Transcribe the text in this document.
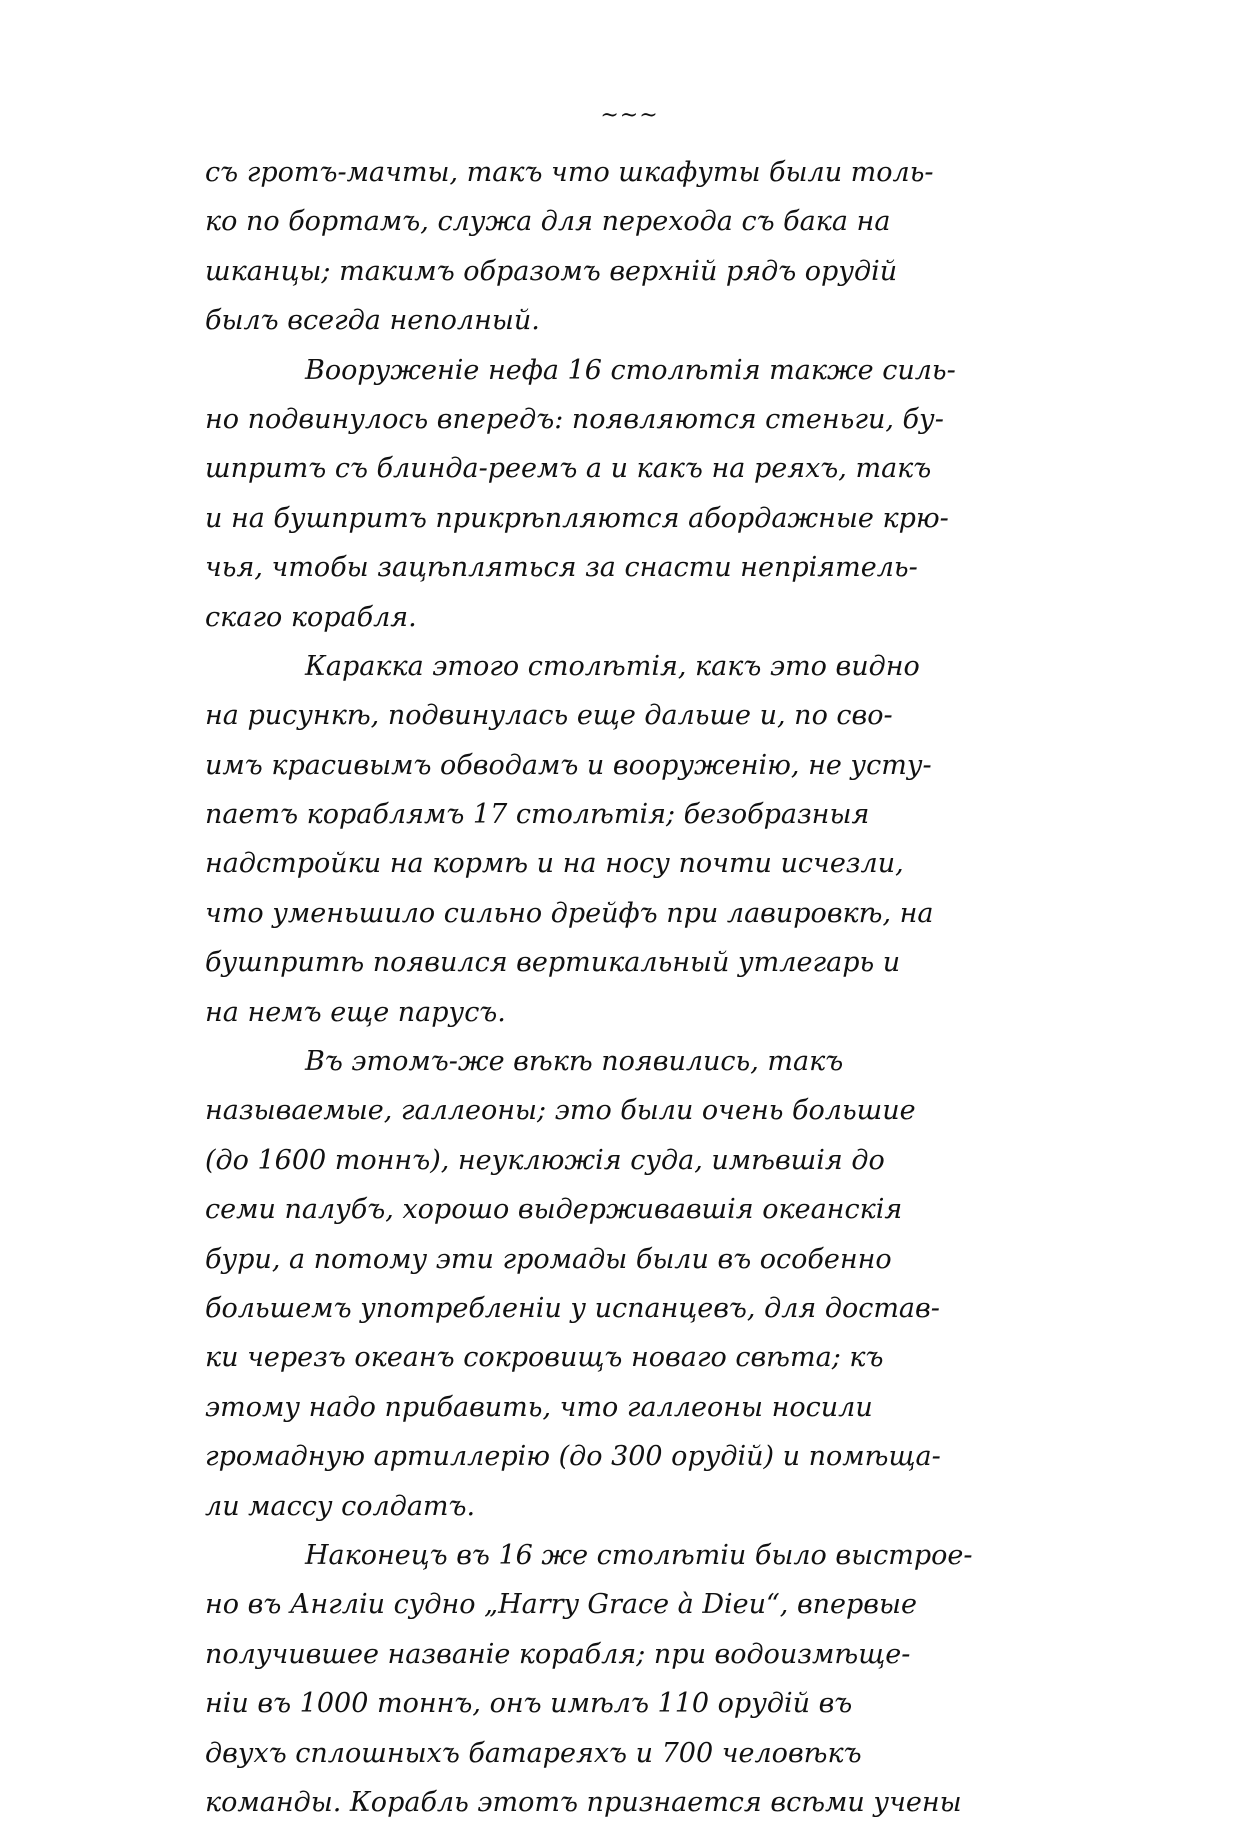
~~~
съ гротъ-мачты, такъ что шкафуты были толь-
ко по бортамъ, служа для перехода съ бака на
шканцы; такимъ образомъ верхній рядъ орудій
былъ всегда неполный.
Вооруженіе нефа 16 столѣтія также силь-
но подвинулось впередъ: появляются стеньги, бу-
шпритъ съ блинда-реемъ а и какъ на реяхъ, такъ
и на бушпритъ прикрѣпляются абордажные крю-
чья, чтобы зацѣпляться за снасти непріятель-
скаго корабля.
Каракка этого столѣтія, какъ это видно
на рисункѣ, подвинулась еще дальше и, по сво-
имъ красивымъ обводамъ и вооруженію, не усту-
паетъ кораблямъ 17 столѣтія; безобразныя
надстройки на кормѣ и на носу почти исчезли,
что уменьшило сильно дрейфъ при лавировкѣ, на
бушпритѣ появился вертикальный утлегарь и
на немъ еще парусъ.
Въ этомъ-же вѣкѣ появились, такъ
называемые, галлеоны; это были очень большие
(до 1600 тоннъ), неуклюжія суда, имѣвшія до
семи палубъ, хорошо выдерживавшія океанскія
бури, а потому эти громады были въ особенно
большемъ употребленіи у испанцевъ, для достав-
ки черезъ океанъ сокровищъ новаго свѣта; къ
этому надо прибавить, что галлеоны носили
громадную артиллерію (до 300 орудій) и помѣща-
ли массу солдатъ.
Наконецъ въ 16 же столѣтіи было выстрое-
но въ Англіи судно „Harry Grace à Dieu“, впервые
получившее названіе корабля; при водоизмѣще-
ніи въ 1000 тоннъ, онъ имѣлъ 110 орудій въ
двухъ сплошныхъ батареяхъ и 700 человѣкъ
команды. Корабль этотъ признается всѣми учены
